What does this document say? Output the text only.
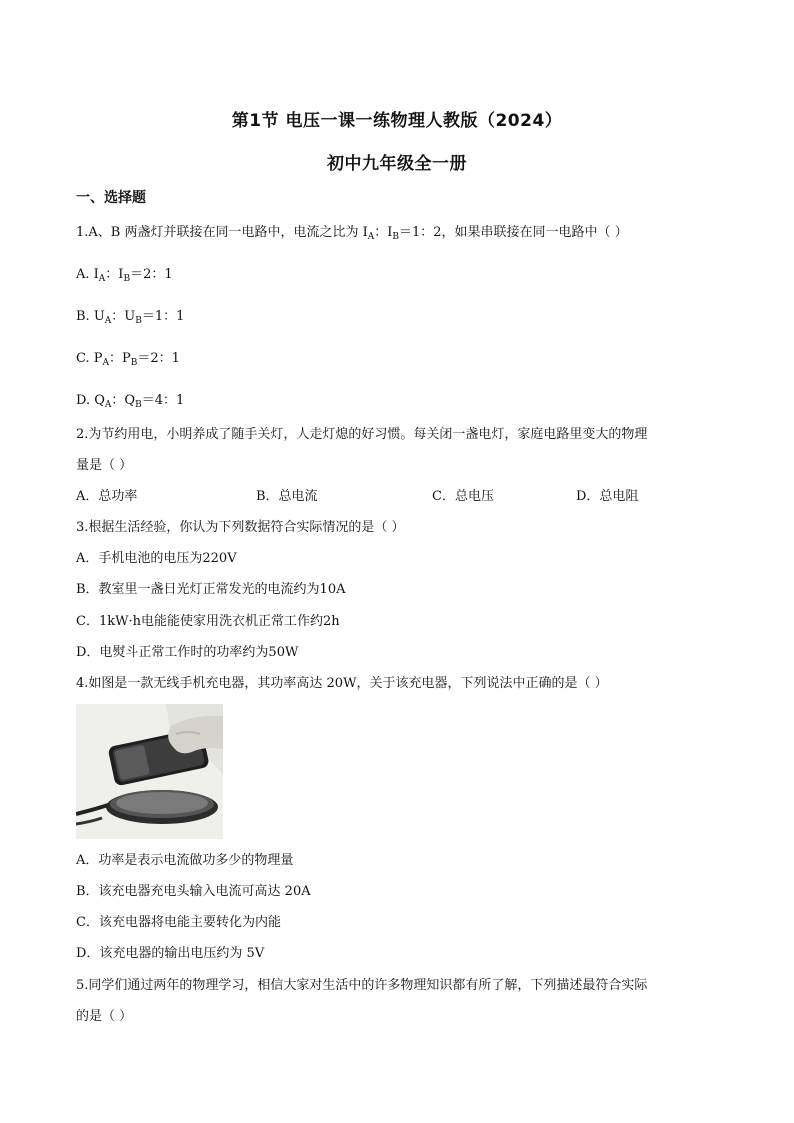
第1节 电压一课一练物理人教版（2024）
初中九年级全一册
一、选择题
1.A、B 两盏灯并联接在同一电路中，电流之比为 $I_A$：$I_B=1$：2，如果串联接在同一电路中（ ）
A. $I_A$：$I_B=2$：1
B. $U_A$：$U_B=1$：1
C. $P_A$：$P_B=2$：1
D. $Q_A$：$Q_B=4$：1
2.为节约用电，小明养成了随手关灯，人走灯熄的好习惯。每关闭一盏电灯，家庭电路里变大的物理
量是（ ）
A．总功率	B．总电流	C．总电压	D．总电阻
3.根据生活经验，你认为下列数据符合实际情况的是（ ）
A．手机电池的电压为220V
B．教室里一盏日光灯正常发光的电流约为10A
C．1kW·h电能能使家用洗衣机正常工作约2h
D．电熨斗正常工作时的功率约为50W
4.如图是一款无线手机充电器，其功率高达 20W，关于该充电器，下列说法中正确的是（ ）
A．功率是表示电流做功多少的物理量
B．该充电器充电头输入电流可高达 20A
C．该充电器将电能主要转化为内能
D．该充电器的输出电压约为 5V
5.同学们通过两年的物理学习，相信大家对生活中的许多物理知识都有所了解，下列描述最符合实际
的是（ ）
